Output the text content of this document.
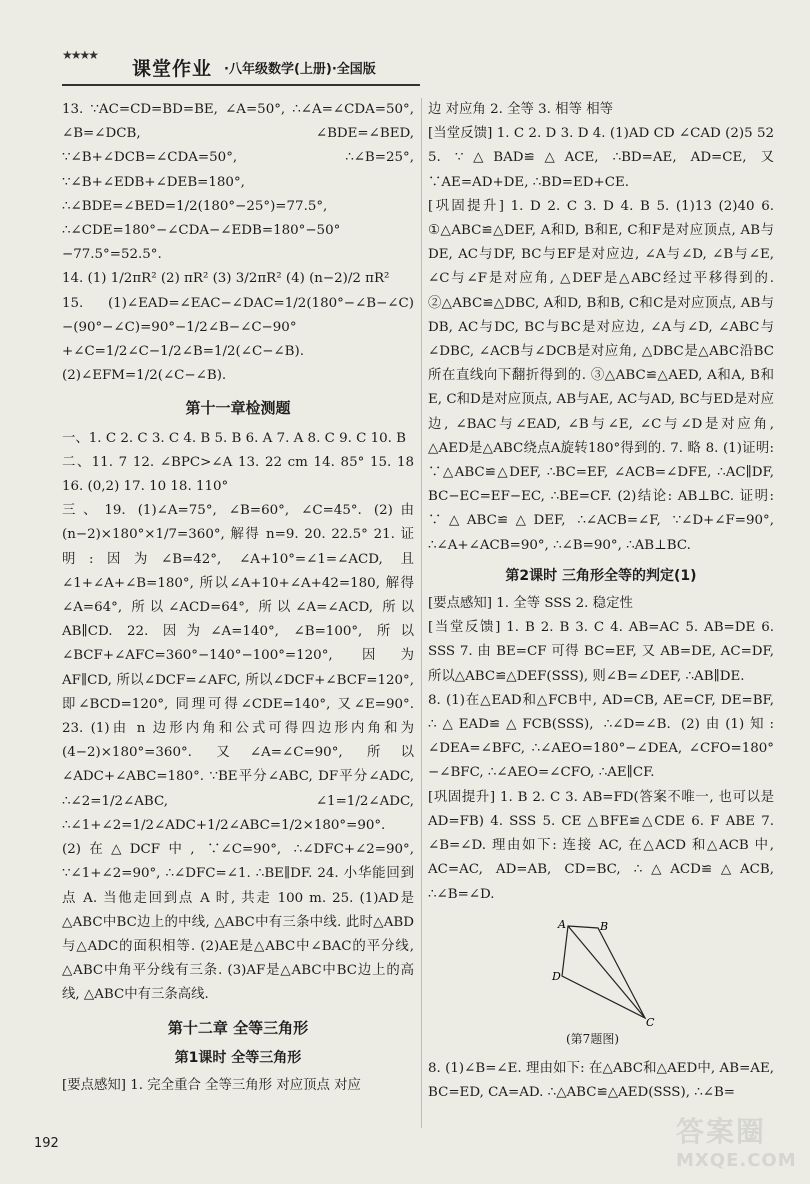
★★★★
课堂作业 ·八年级数学(上册)·全国版

13. ∵AC=CD=BD=BE, ∠A=50°, ∴∠A=∠CDA=50°, ∠B=∠DCB, ∠BDE=∠BED, ∵∠B+∠DCB=∠CDA=50°, ∴∠B=25°, ∵∠B+∠EDB+∠DEB=180°, ∴∠BDE=∠BED=1/2(180°−25°)=77.5°, ∴∠CDE=180°−∠CDA−∠EDB=180°−50°−77.5°=52.5°.

14. (1) 1/2πR² (2) πR² (3) 3/2πR² (4) (n−2)/2 πR²

15. (1)∠EAD=∠EAC−∠DAC=1/2(180°−∠B−∠C)−(90°−∠C)=90°−1/2∠B−∠C−90°+∠C=1/2∠C−1/2∠B=1/2(∠C−∠B). (2)∠EFM=1/2(∠C−∠B).

第十一章检测题

一、1. C 2. C 3. C 4. B 5. B 6. A 7. A 8. C 9. C 10. B

二、11. 7 12. ∠BPC>∠A 13. 22 cm 14. 85° 15. 18 16. (0,2) 17. 10 18. 110°

三、19. (1)∠A=75°, ∠B=60°, ∠C=45°. (2)由(n−2)×180°×1/7=360°, 解得 n=9. 20. 22.5° 21. 证明:因为∠B=42°, ∠A+10°=∠1=∠ACD, 且∠1+∠A+∠B=180°, 所以∠A+10+∠A+42=180, 解得∠A=64°, 所以∠ACD=64°, 所以∠A=∠ACD, 所以 AB∥CD. 22. 因为∠A=140°, ∠B=100°, 所以∠BCF+∠AFC=360°−140°−100°=120°, 因为 AF∥CD, 所以∠DCF=∠AFC, 所以∠DCF+∠BCF=120°, 即∠BCD=120°, 同理可得∠CDE=140°, 又∠E=90°. 23. (1)由 n 边形内角和公式可得四边形内角和为(4−2)×180°=360°. 又∠A=∠C=90°, 所以∠ADC+∠ABC=180°. ∵BE平分∠ABC, DF平分∠ADC, ∴∠2=1/2∠ABC, ∠1=1/2∠ADC, ∴∠1+∠2=1/2∠ADC+1/2∠ABC=1/2×180°=90°.

(2)在△DCF中, ∵∠C=90°, ∴∠DFC+∠2=90°, ∵∠1+∠2=90°, ∴∠DFC=∠1. ∴BE∥DF. 24. 小华能回到点 A. 当他走回到点 A 时, 共走 100 m. 25. (1)AD是△ABC中BC边上的中线, △ABC中有三条中线. 此时△ABD与△ADC的面积相等. (2)AE是△ABC中∠BAC的平分线, △ABC中角平分线有三条. (3)AF是△ABC中BC边上的高线, △ABC中有三条高线.

第十二章 全等三角形

第1课时 全等三角形

[要点感知] 1. 完全重合 全等三角形 对应顶点 对应

边 对应角 2. 全等 3. 相等 相等

[当堂反馈] 1. C 2. D 3. D 4. (1)AD CD ∠CAD (2)5 52 5. ∵△BAD≌△ACE, ∴BD=AE, AD=CE, 又∵AE=AD+DE, ∴BD=ED+CE.

[巩固提升] 1. D 2. C 3. D 4. B 5. (1)13 (2)40 6. ①△ABC≌△DEF, A和D, B和E, C和F是对应顶点, AB与DE, AC与DF, BC与EF是对应边, ∠A与∠D, ∠B与∠E, ∠C与∠F是对应角, △DEF是△ABC经过平移得到的. ②△ABC≌△DBC, A和D, B和B, C和C是对应顶点, AB与DB, AC与DC, BC与BC是对应边, ∠A与∠D, ∠ABC与∠DBC, ∠ACB与∠DCB是对应角, △DBC是△ABC沿BC所在直线向下翻折得到的. ③△ABC≌△AED, A和A, B和E, C和D是对应顶点, AB与AE, AC与AD, BC与ED是对应边, ∠BAC与∠EAD, ∠B与∠E, ∠C与∠D是对应角, △AED是△ABC绕点A旋转180°得到的. 7. 略 8. (1)证明: ∵△ABC≌△DEF, ∴BC=EF, ∠ACB=∠DFE, ∴AC∥DF, BC−EC=EF−EC, ∴BE=CF. (2)结论: AB⊥BC. 证明: ∵△ABC≌△DEF, ∴∠ACB=∠F, ∵∠D+∠F=90°, ∴∠A+∠ACB=90°, ∴∠B=90°, ∴AB⊥BC.

第2课时 三角形全等的判定(1)

[要点感知] 1. 全等 SSS 2. 稳定性

[当堂反馈] 1. B 2. B 3. C 4. AB=AC 5. AB=DE 6. SSS 7. 由 BE=CF 可得 BC=EF, 又 AB=DE, AC=DF, 所以△ABC≌△DEF(SSS), 则∠B=∠DEF, ∴AB∥DE.

8. (1)在△EAD和△FCB中, AD=CB, AE=CF, DE=BF, ∴△EAD≌△FCB(SSS), ∴∠D=∠B. (2)由(1)知: ∠DEA=∠BFC, ∴∠AEO=180°−∠DEA, ∠CFO=180°−∠BFC, ∴∠AEO=∠CFO, ∴AE∥CF.

[巩固提升] 1. B 2. C 3. AB=FD(答案不唯一, 也可以是 AD=FB) 4. SSS 5. CE △BFE≌△CDE 6. F ABE 7. ∠B=∠D. 理由如下: 连接 AC, 在△ACD 和△ACB 中, AC=AC, AD=AB, CD=BC, ∴△ACD≌△ACB, ∴∠B=∠D.

8. (1)∠B=∠E. 理由如下: 在△ABC和△AED中, AB=AE, BC=ED, CA=AD. ∴△ABC≌△AED(SSS), ∴∠B=

A	B
C
D
(第7题图)
192	答案圈
MXQE.COM
